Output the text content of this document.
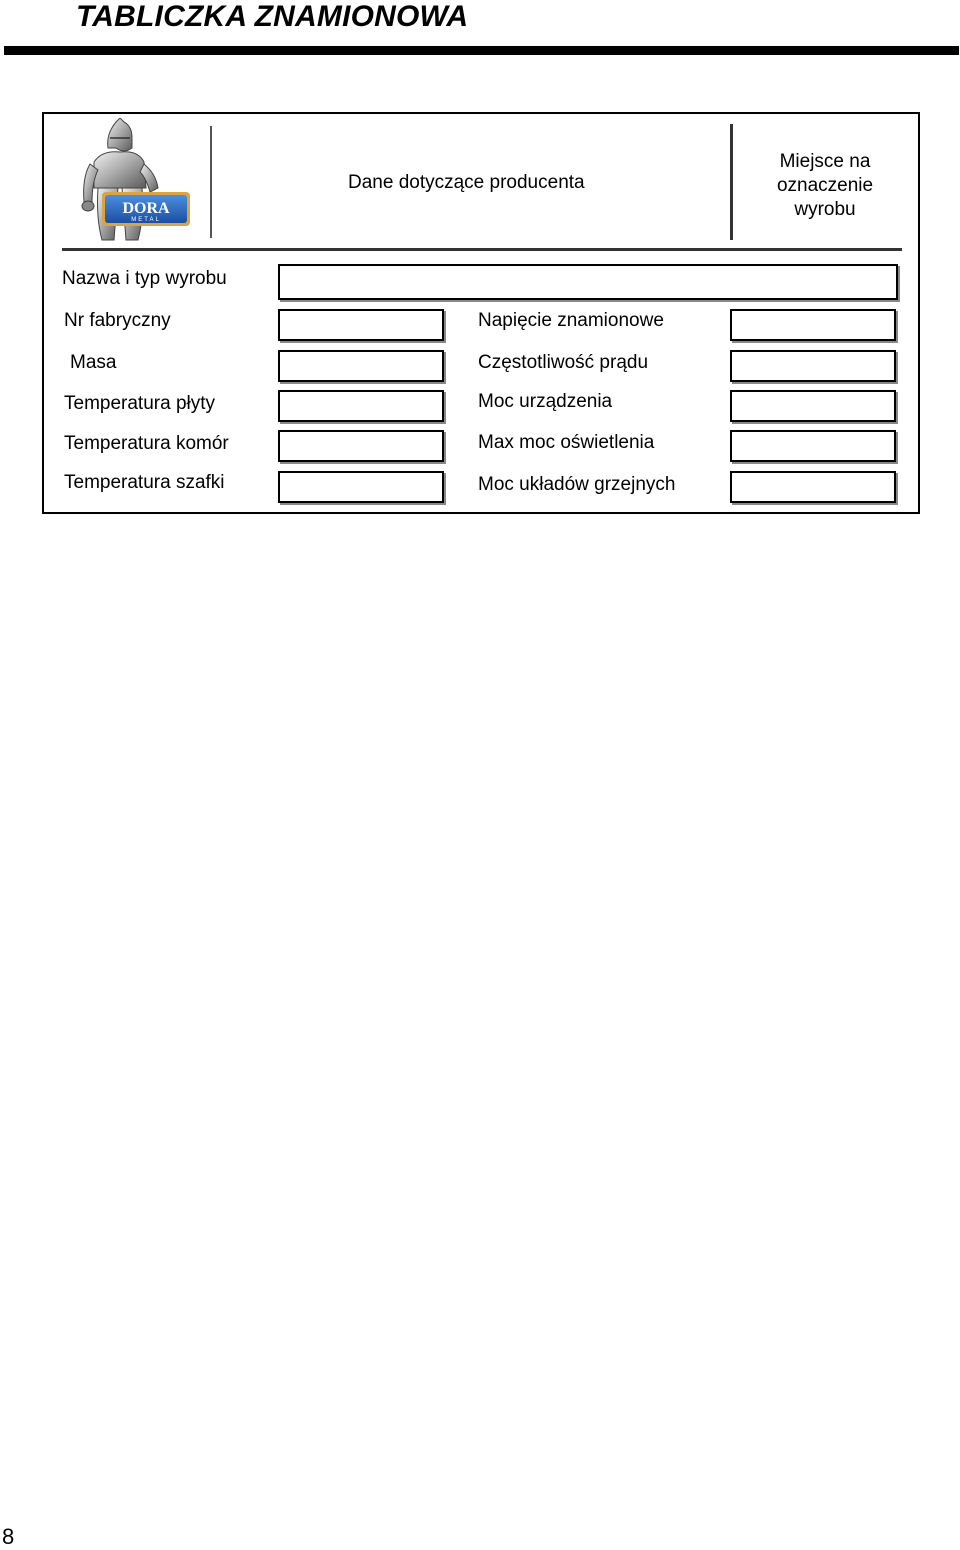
TABLICZKA ZNAMIONOWA
DORA
METAL
Dane dotyczące producenta
Miejsce na
oznaczenie
wyrobu
Nazwa i typ wyrobu
Nr fabryczny
Masa
Temperatura płyty
Temperatura komór
Temperatura szafki
Napięcie znamionowe
Częstotliwość prądu
Moc urządzenia
Max moc oświetlenia
Moc układów grzejnych
8
